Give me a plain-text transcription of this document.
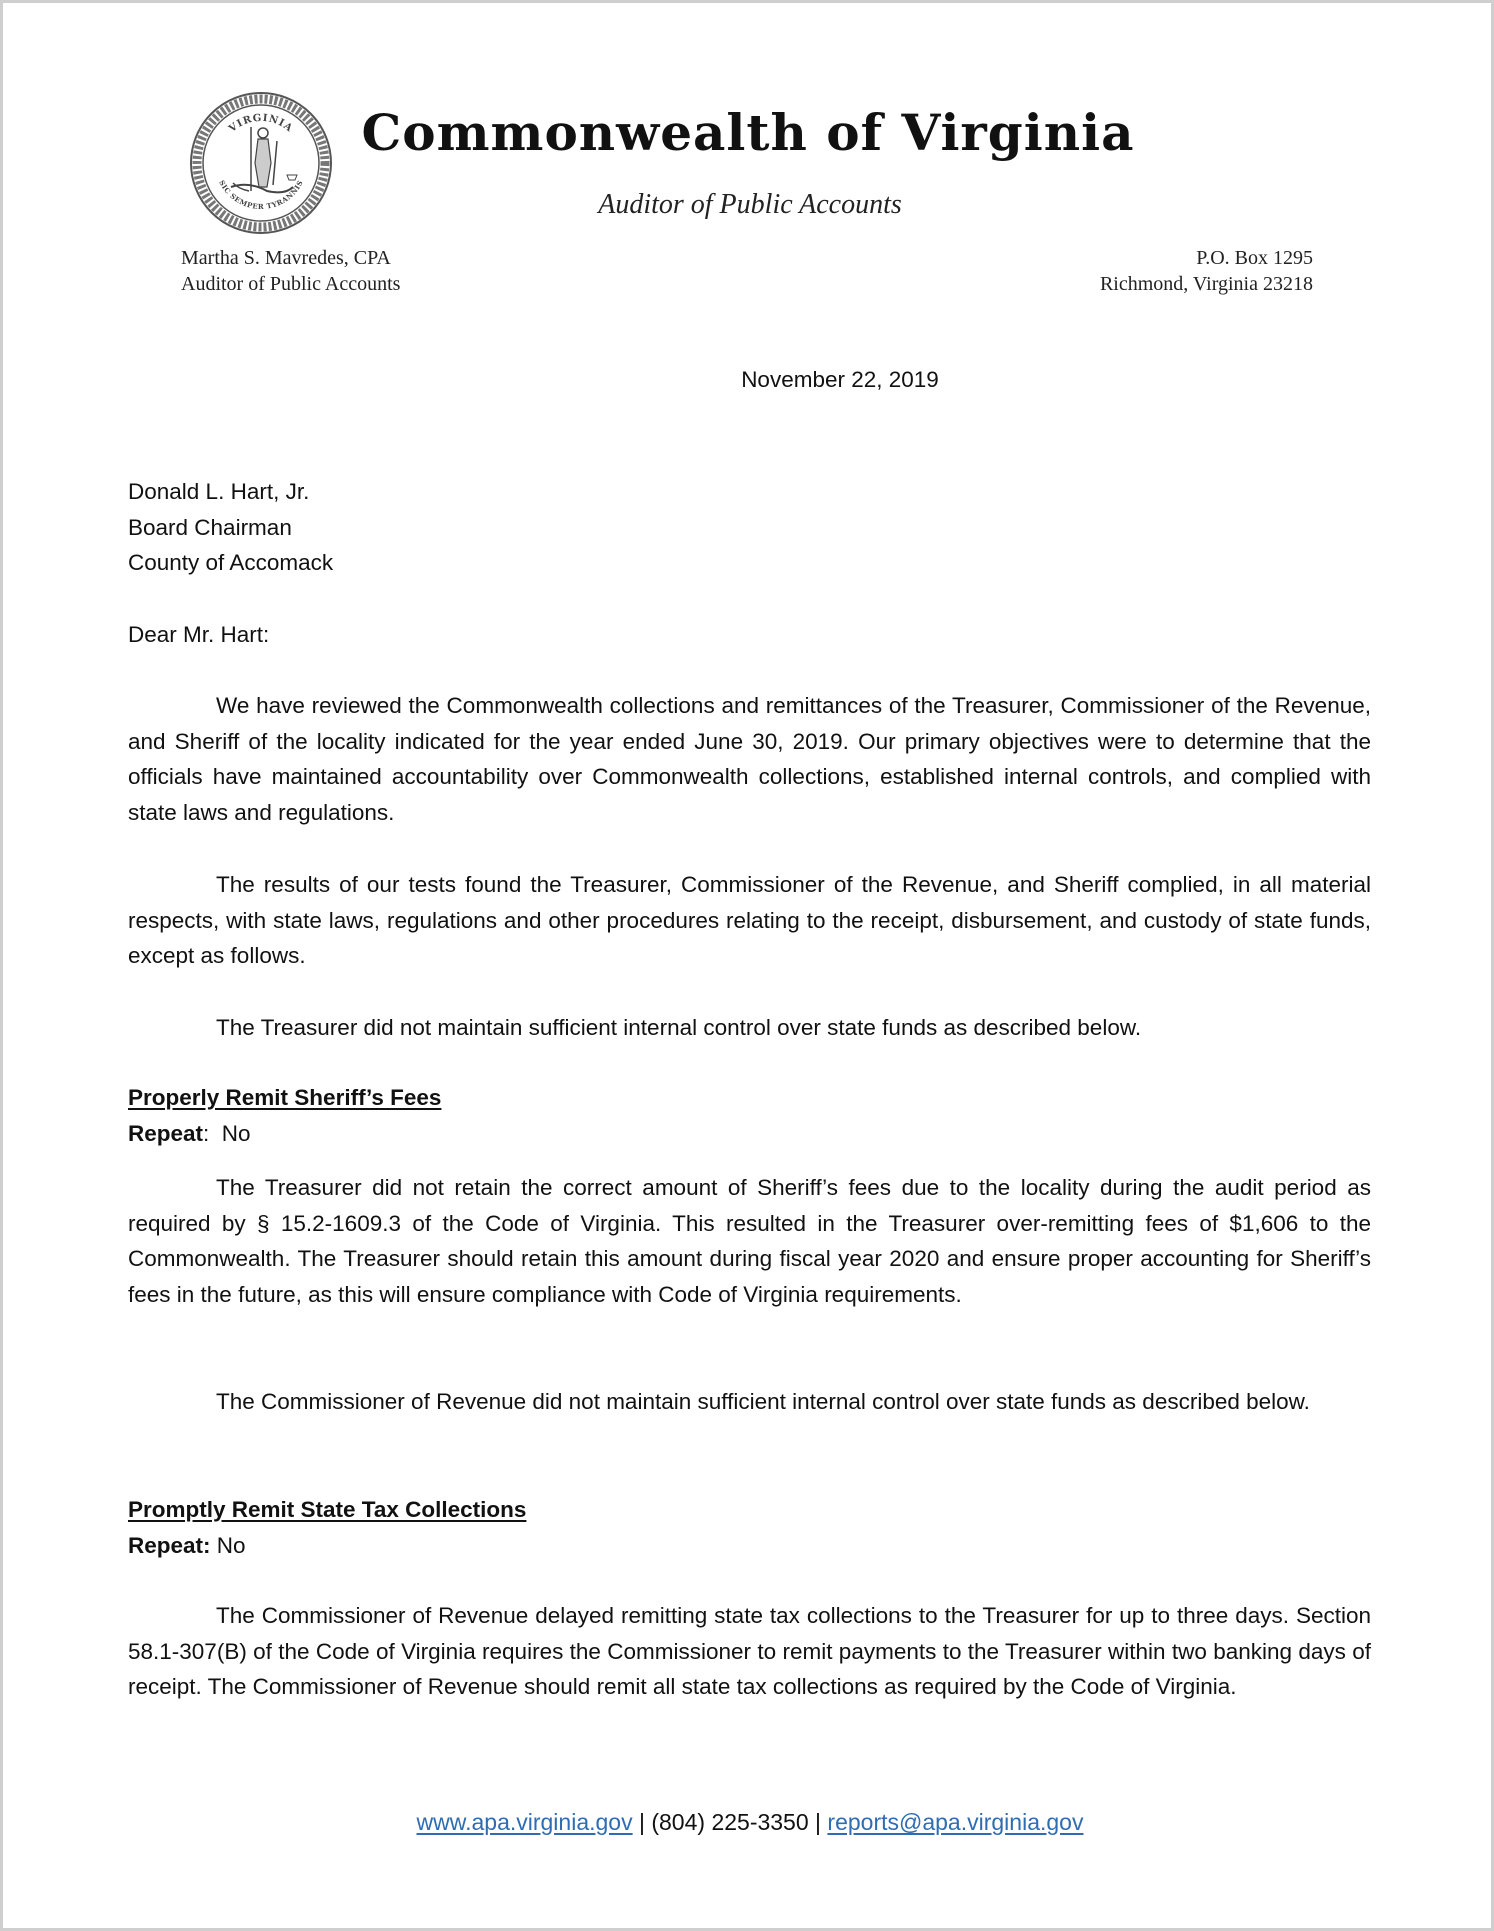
VIRGINIA
SIC SEMPER TYRANNIS
Commonwealth of Virginia
Auditor of Public Accounts
Martha S. Mavredes, CPA
Auditor of Public Accounts
P.O. Box 1295
Richmond, Virginia 23218
November 22, 2019
Donald L. Hart, Jr.
Board Chairman
County of Accomack
Dear Mr. Hart:

We have reviewed the Commonwealth collections and remittances of the Treasurer, Commissioner of the Revenue, and Sheriff of the locality indicated for the year ended June 30, 2019. Our primary objectives were to determine that the officials have maintained accountability over Commonwealth collections, established internal controls, and complied with state laws and regulations.

The results of our tests found the Treasurer, Commissioner of the Revenue, and Sheriff complied, in all material respects, with state laws, regulations and other procedures relating to the receipt, disbursement, and custody of state funds, except as follows.

The Treasurer did not maintain sufficient internal control over state funds as described below.

Properly Remit Sheriff’s Fees
Repeat:  No

The Treasurer did not retain the correct amount of Sheriff’s fees due to the locality during the audit period as required by § 15.2-1609.3 of the Code of Virginia. This resulted in the Treasurer over-remitting fees of $1,606 to the Commonwealth. The Treasurer should retain this amount during fiscal year 2020 and ensure proper accounting for Sheriff’s fees in the future, as this will ensure compliance with Code of Virginia requirements.

The Commissioner of Revenue did not maintain sufficient internal control over state funds as described below.

Promptly Remit State Tax Collections
Repeat: No

The Commissioner of Revenue delayed remitting state tax collections to the Treasurer for up to three days. Section 58.1-307(B) of the Code of Virginia requires the Commissioner to remit payments to the Treasurer within two banking days of receipt. The Commissioner of Revenue should remit all state tax collections as required by the Code of Virginia.

www.apa.virginia.gov | (804) 225-3350 | reports@apa.virginia.gov
